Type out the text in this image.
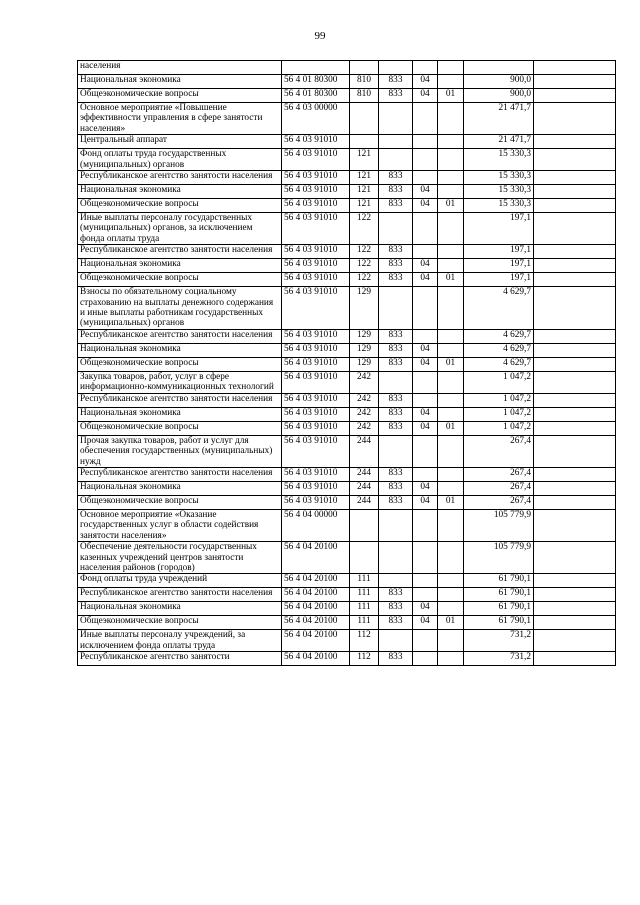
99
населения							
Национальная экономика	56 4 01 80300	810	833	04		900,0	
Общеэкономические вопросы	56 4 01 80300	810	833	04	01	900,0	
Основное мероприятие «Повышение эффективности управления в сфере занятости населения»	56 4 03 00000					21 471,7	
Центральный аппарат	56 4 03 91010					21 471,7	
Фонд оплаты труда государственных (муниципальных) органов	56 4 03 91010	121				15 330,3	
Республиканское агентство занятости населения	56 4 03 91010	121	833			15 330,3	
Национальная экономика	56 4 03 91010	121	833	04		15 330,3	
Общеэкономические вопросы	56 4 03 91010	121	833	04	01	15 330,3	
Иные выплаты персоналу государственных (муниципальных) органов, за исключением фонда оплаты труда	56 4 03 91010	122				197,1	
Республиканское агентство занятости населения	56 4 03 91010	122	833			197,1	
Национальная экономика	56 4 03 91010	122	833	04		197,1	
Общеэкономические вопросы	56 4 03 91010	122	833	04	01	197,1	
Взносы по обязательному социальному страхованию на выплаты денежного содержания и иные выплаты работникам государственных (муниципальных) органов	56 4 03 91010	129				4 629,7	
Республиканское агентство занятости населения	56 4 03 91010	129	833			4 629,7	
Национальная экономика	56 4 03 91010	129	833	04		4 629,7	
Общеэкономические вопросы	56 4 03 91010	129	833	04	01	4 629,7	
Закупка товаров, работ, услуг в сфере информационно-коммуникационных технологий	56 4 03 91010	242				1 047,2	
Республиканское агентство занятости населения	56 4 03 91010	242	833			1 047,2	
Национальная экономика	56 4 03 91010	242	833	04		1 047,2	
Общеэкономические вопросы	56 4 03 91010	242	833	04	01	1 047,2	
Прочая закупка товаров, работ и услуг для обеспечения государственных (муниципальных) нужд	56 4 03 91010	244				267,4	
Республиканское агентство занятости населения	56 4 03 91010	244	833			267,4	
Национальная экономика	56 4 03 91010	244	833	04		267,4	
Общеэкономические вопросы	56 4 03 91010	244	833	04	01	267,4	
Основное мероприятие «Оказание государственных услуг в области содействия занятости населения»	56 4 04 00000					105 779,9	
Обеспечение деятельности государственных казенных учреждений центров занятости населения районов (городов)	56 4 04 20100					105 779,9	
Фонд оплаты труда учреждений	56 4 04 20100	111				61 790,1	
Республиканское агентство занятости населения	56 4 04 20100	111	833			61 790,1	
Национальная экономика	56 4 04 20100	111	833	04		61 790,1	
Общеэкономические вопросы	56 4 04 20100	111	833	04	01	61 790,1	
Иные выплаты персоналу учреждений, за исключением фонда оплаты труда	56 4 04 20100	112				731,2	
Республиканское агентство занятости	56 4 04 20100	112	833			731,2	
